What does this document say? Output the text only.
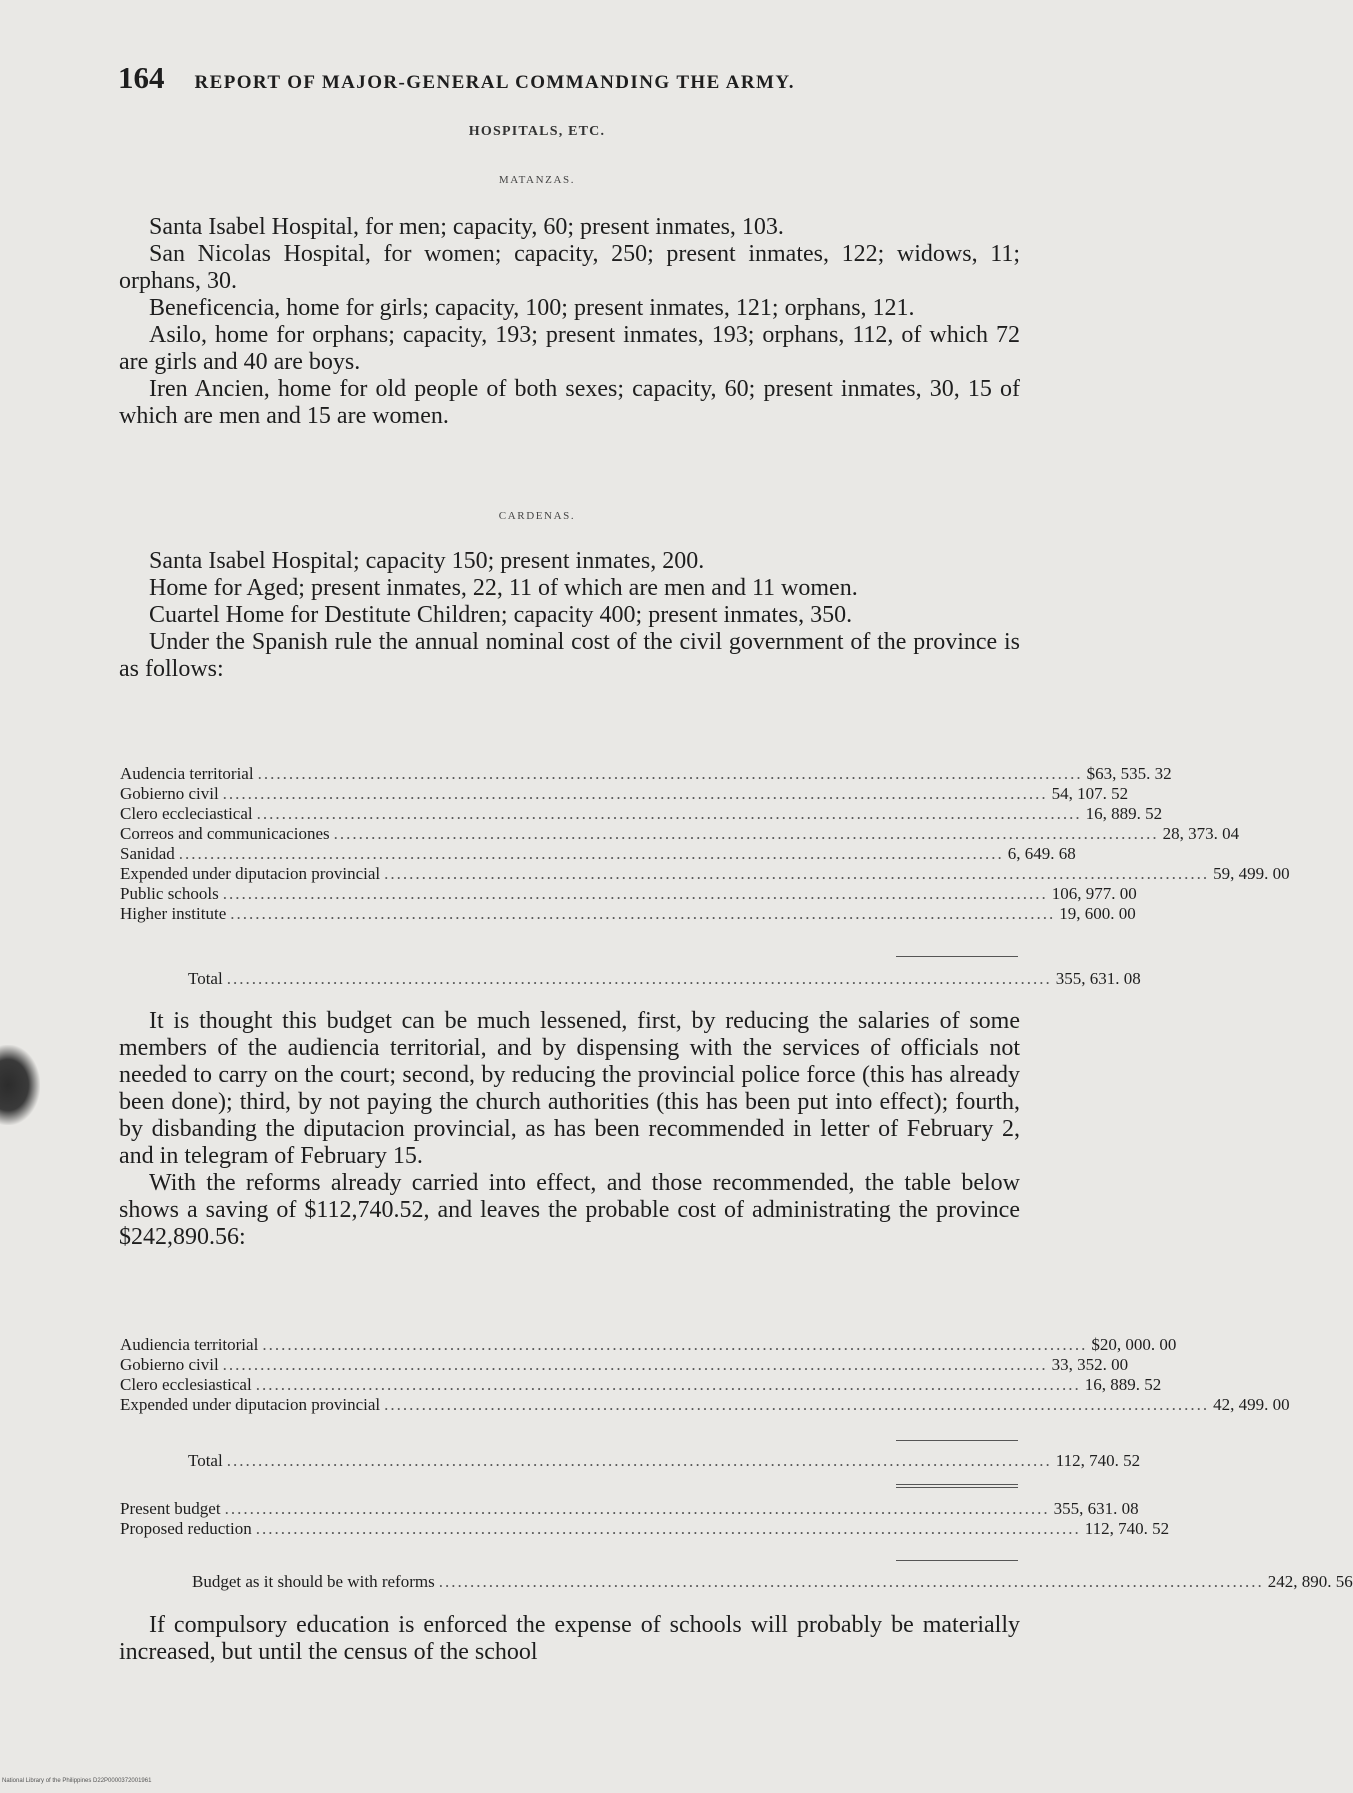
164 REPORT OF MAJOR-GENERAL COMMANDING THE ARMY.
HOSPITALS, ETC.
MATANZAS.

Santa Isabel Hospital, for men; capacity, 60; present inmates, 103.

San Nicolas Hospital, for women; capacity, 250; present inmates, 122; widows, 11; orphans, 30.

Beneficencia, home for girls; capacity, 100; present inmates, 121; orphans, 121.

Asilo, home for orphans; capacity, 193; present inmates, 193; orphans, 112, of which 72 are girls and 40 are boys.

Iren Ancien, home for old people of both sexes; capacity, 60; present inmates, 30, 15 of which are men and 15 are women.

CARDENAS.

Santa Isabel Hospital; capacity 150; present inmates, 200.

Home for Aged; present inmates, 22, 11 of which are men and 11 women.

Cuartel Home for Destitute Children; capacity 400; present inmates, 350.

Under the Spanish rule the annual nominal cost of the civil government of the province is as follows:

Audencia territorial .................................................................................................................................... $63, 535. 32
Gobierno civil .................................................................................................................................... 54, 107. 52
Clero eccleciastical .................................................................................................................................... 16, 889. 52
Correos and communicaciones .................................................................................................................................... 28, 373. 04
Sanidad .................................................................................................................................... 6, 649. 68
Expended under diputacion provincial .................................................................................................................................... 59, 499. 00
Public schools .................................................................................................................................... 106, 977. 00
Higher institute .................................................................................................................................... 19, 600. 00
Total .................................................................................................................................... 355, 631. 08

It is thought this budget can be much lessened, first, by reducing the salaries of some members of the audiencia territorial, and by dispensing with the services of officials not needed to carry on the court; second, by reducing the provincial police force (this has already been done); third, by not paying the church authorities (this has been put into effect); fourth, by disbanding the diputacion provincial, as has been recommended in letter of February 2, and in telegram of February 15.

With the reforms already carried into effect, and those recommended, the table below shows a saving of $112,740.52, and leaves the probable cost of administrating the province $242,890.56:

Audiencia territorial .................................................................................................................................... $20, 000. 00
Gobierno civil .................................................................................................................................... 33, 352. 00
Clero ecclesiastical .................................................................................................................................... 16, 889. 52
Expended under diputacion provincial .................................................................................................................................... 42, 499. 00
Total .................................................................................................................................... 112, 740. 52
Present budget .................................................................................................................................... 355, 631. 08
Proposed reduction .................................................................................................................................... 112, 740. 52
Budget as it should be with reforms .................................................................................................................................... 242, 890. 56

If compulsory education is enforced the expense of schools will probably be materially increased, but until the census of the school

National Library of the Philippines D22P0000372001961
